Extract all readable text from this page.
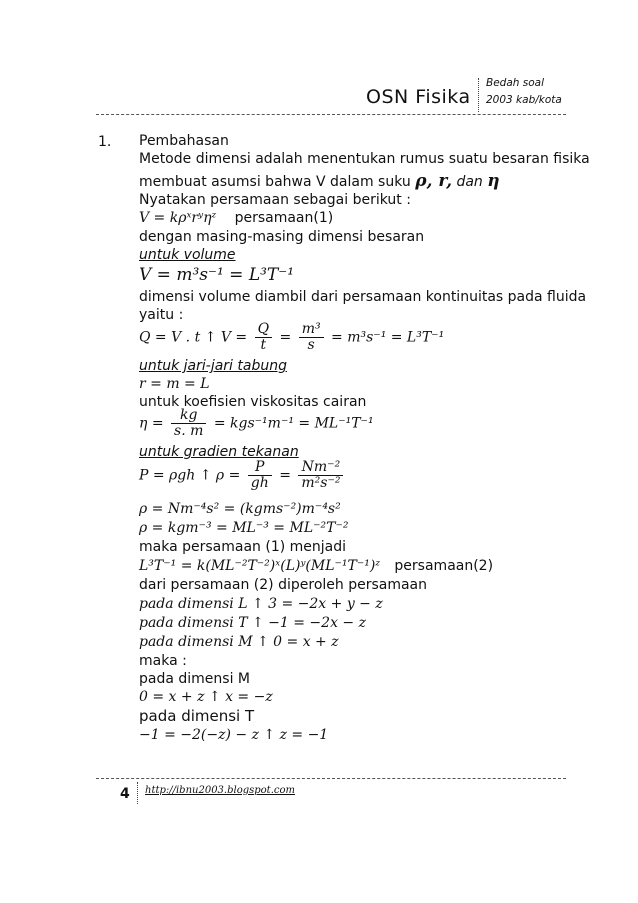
OSN Fisika
Bedah soal
2003 kab/kota
1. Pembahasan
Metode dimensi adalah menentukan rumus suatu besaran fisika
membuat asumsi bahwa V dalam suku ρ, r, dan η
Nyatakan persamaan sebagai berikut :
V = kρˣrʸηᶻ persamaan(1)
dengan masing-masing dimensi besaran
untuk volume
V = m³s⁻¹ = L³T⁻¹
dimensi volume diambil dari persamaan kontinuitas pada fluida
yaitu :
Q = V . t ↑ $V = \frac{Q}{t} = \frac{\text{m³}}{s} = m^3s^{-1} = L^3T^{-1}$
untuk jari-jari tabung
r = m = L
untuk koefisien viskositas cairan
$\eta = \frac{kg}{s. m} = kgs^{-1}m^{-1} = ML^{-1}T^{-1}$
untuk gradien tekanan
P = ρgh ↑ $\rho = \frac{P}{gh} = \frac{\text{Nm⁻²}}{\text{m²s⁻²}}$
ρ = Nm⁻⁴s² = (kgms⁻²)m⁻⁴s²
ρ = kgm⁻³ = ML⁻³ = ML⁻²T⁻²
maka persamaan (1) menjadi
L³T⁻¹ = k(ML⁻²T⁻²)ˣ(L)ʸ(ML⁻¹T⁻¹)ᶻ persamaan(2)
dari persamaan (2) diperoleh persamaan
pada dimensi L ↑ 3 = −2x + y − z
pada dimensi T ↑ −1 = −2x − z
pada dimensi M ↑ 0 = x + z
maka :
pada dimensi M
0 = x + z ↑ x = −z
pada dimensi T
−1 = −2(−z) − z ↑ z = −1
4 http://ibnu2003.blogspot.com
